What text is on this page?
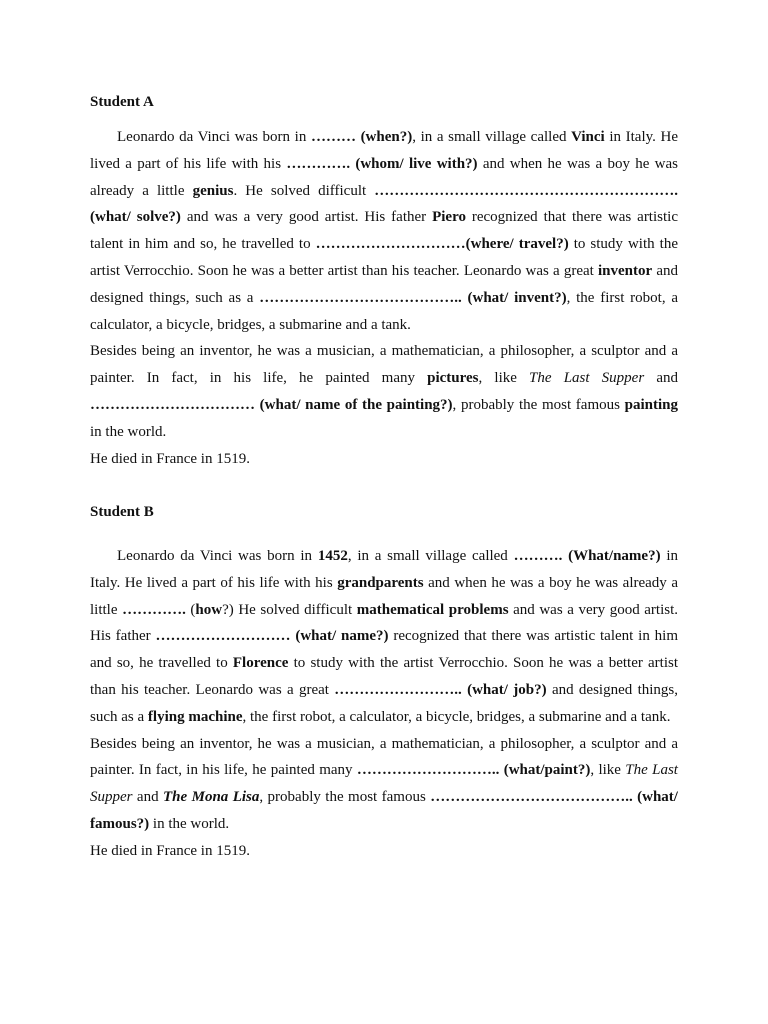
Student A

Leonardo da Vinci was born in ……… (when?), in a small village called Vinci in Italy. He lived a part of his life with his …………. (whom/ live with?) and when he was a boy he was already a little genius. He solved difficult ……………………………………………………. (what/ solve?) and was a very good artist. His father Piero recognized that there was artistic talent in him and so, he travelled to …………………………(where/ travel?) to study with the artist Verrocchio. Soon he was a better artist than his teacher. Leonardo was a great inventor and designed things, such as a ………………………………….. (what/ invent?), the first robot, a calculator, a bicycle, bridges, a submarine and a tank.

Besides being an inventor, he was a musician, a mathematician, a philosopher, a sculptor and a painter. In fact, in his life, he painted many pictures, like The Last Supper and …………………………… (what/ name of the painting?), probably the most famous painting in the world.

He died in France in 1519.

Student B

Leonardo da Vinci was born in 1452, in a small village called ………. (What/name?) in Italy. He lived a part of his life with his grandparents and when he was a boy he was already a little …………. (how?) He solved difficult mathematical problems and was a very good artist. His father ……………………… (what/ name?) recognized that there was artistic talent in him and so, he travelled to Florence to study with the artist Verrocchio. Soon he was a better artist than his teacher. Leonardo was a great …………………….. (what/ job?) and designed things, such as a flying machine, the first robot, a calculator, a bicycle, bridges, a submarine and a tank.

Besides being an inventor, he was a musician, a mathematician, a philosopher, a sculptor and a painter. In fact, in his life, he painted many ……………………….. (what/paint?), like The Last Supper and The Mona Lisa, probably the most famous ………………………………….. (what/ famous?) in the world.

He died in France in 1519.
